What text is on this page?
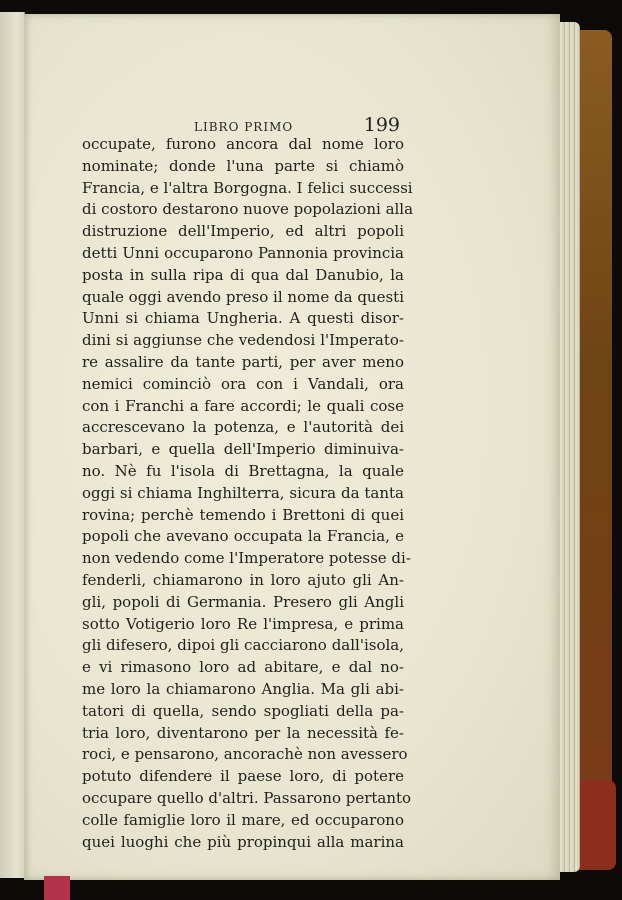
LIBRO PRIMO	199
occupate, furono ancora dal nome loro
nominate; donde l'una parte si chiamò
Francia, e l'altra Borgogna. I felici successi
di costoro destarono nuove popolazioni alla
distruzione dell'Imperio, ed altri popoli
detti Unni occuparono Pannonia provincia
posta in sulla ripa di qua dal Danubio, la
quale oggi avendo preso il nome da questi
Unni si chiama Ungheria. A questi disor-
dini si aggiunse che vedendosi l'Imperato-
re assalire da tante parti, per aver meno
nemici cominciò ora con i Vandali, ora
con i Franchi a fare accordi; le quali cose
accrescevano la potenza, e l'autorità dei
barbari, e quella dell'Imperio diminuiva-
no. Nè fu l'isola di Brettagna, la quale
oggi si chiama Inghilterra, sicura da tanta
rovina; perchè temendo i Brettoni di quei
popoli che avevano occupata la Francia, e
non vedendo come l'Imperatore potesse di-
fenderli, chiamarono in loro ajuto gli An-
gli, popoli di Germania. Presero gli Angli
sotto Votigerio loro Re l'impresa, e prima
gli difesero, dipoi gli cacciarono dall'isola,
e vi rimasono loro ad abitare, e dal no-
me loro la chiamarono Anglia. Ma gli abi-
tatori di quella, sendo spogliati della pa-
tria loro, diventarono per la necessità fe-
roci, e pensarono, ancorachè non avessero
potuto difendere il paese loro, di potere
occupare quello d'altri. Passarono pertanto
colle famiglie loro il mare, ed occuparono
quei luoghi che più propinqui alla marina
